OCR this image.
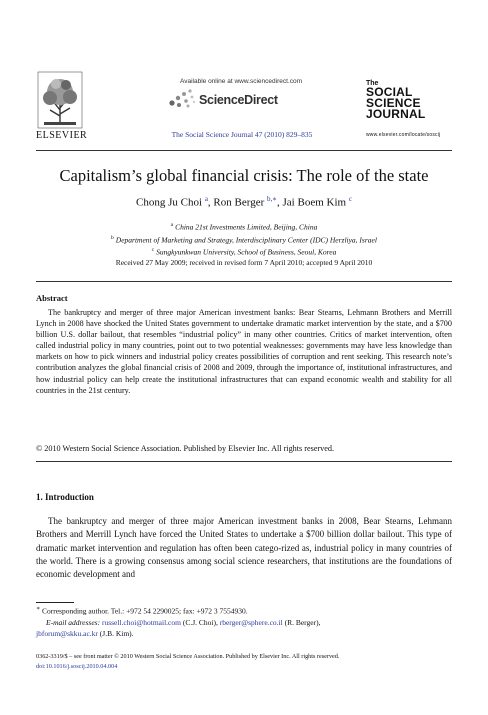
ELSEVIER
Available online at www.sciencedirect.com
ScienceDirect
The Social Science Journal 47 (2010) 829–835
The
SOCIAL
SCIENCE
JOURNAL
www.elsevier.com/locate/soscij
Capitalism’s global financial crisis: The role of the state
Chong Ju Choi $^a$, Ron Berger $^{b,∗}$, Jai Boem Kim $^c$
$^a$ China 21st Investments Limited, Beijing, China
$^b$ Department of Marketing and Strategy, Interdisciplinary Center (IDC) Herzliya, Israel
$^c$ Sungkyunkwan University, School of Business, Seoul, Korea
Received 27 May 2009; received in revised form 7 April 2010; accepted 9 April 2010
Abstract
The bankruptcy and merger of three major American investment banks: Bear Stearns, Lehmann Brothers and Merrill Lynch in 2008 have shocked the United States government to undertake dramatic market intervention by the state, and a $700 billion U.S. dollar bailout, that resembles “industrial policy” in many other countries. Critics of market intervention, often called industrial policy in many countries, point out to two potential weaknesses: governments may have less knowledge than markets on how to pick winners and industrial policy creates possibilities of corruption and rent seeking. This research note’s contribution analyzes the global financial crisis of 2008 and 2009, through the importance of, institutional infrastructures, and how industrial policy can help create the institutional infrastructures that can expand economic wealth and stability for all countries in the 21st century.
© 2010 Western Social Science Association. Published by Elsevier Inc. All rights reserved.
1. Introduction
The bankruptcy and merger of three major American investment banks in 2008, Bear Stearns, Lehmann Brothers and Merrill Lynch have forced the United States to undertake a $700 billion dollar bailout. This type of dramatic market intervention and regulation has often been catego-rized as, industrial policy in many countries of the world. There is a growing consensus among social science researchers, that institutions are the foundations of economic development and
∗ Corresponding author. Tel.: +972 54 2290025; fax: +972 3 7554930.
E-mail addresses: russell.choi@hotmail.com (C.J. Choi), rberger@sphere.co.il (R. Berger),
jbforum@skku.ac.kr (J.B. Kim).
0362-3319/$ – see front matter © 2010 Western Social Science Association. Published by Elsevier Inc. All rights reserved.
doi:10.1016/j.soscij.2010.04.004
